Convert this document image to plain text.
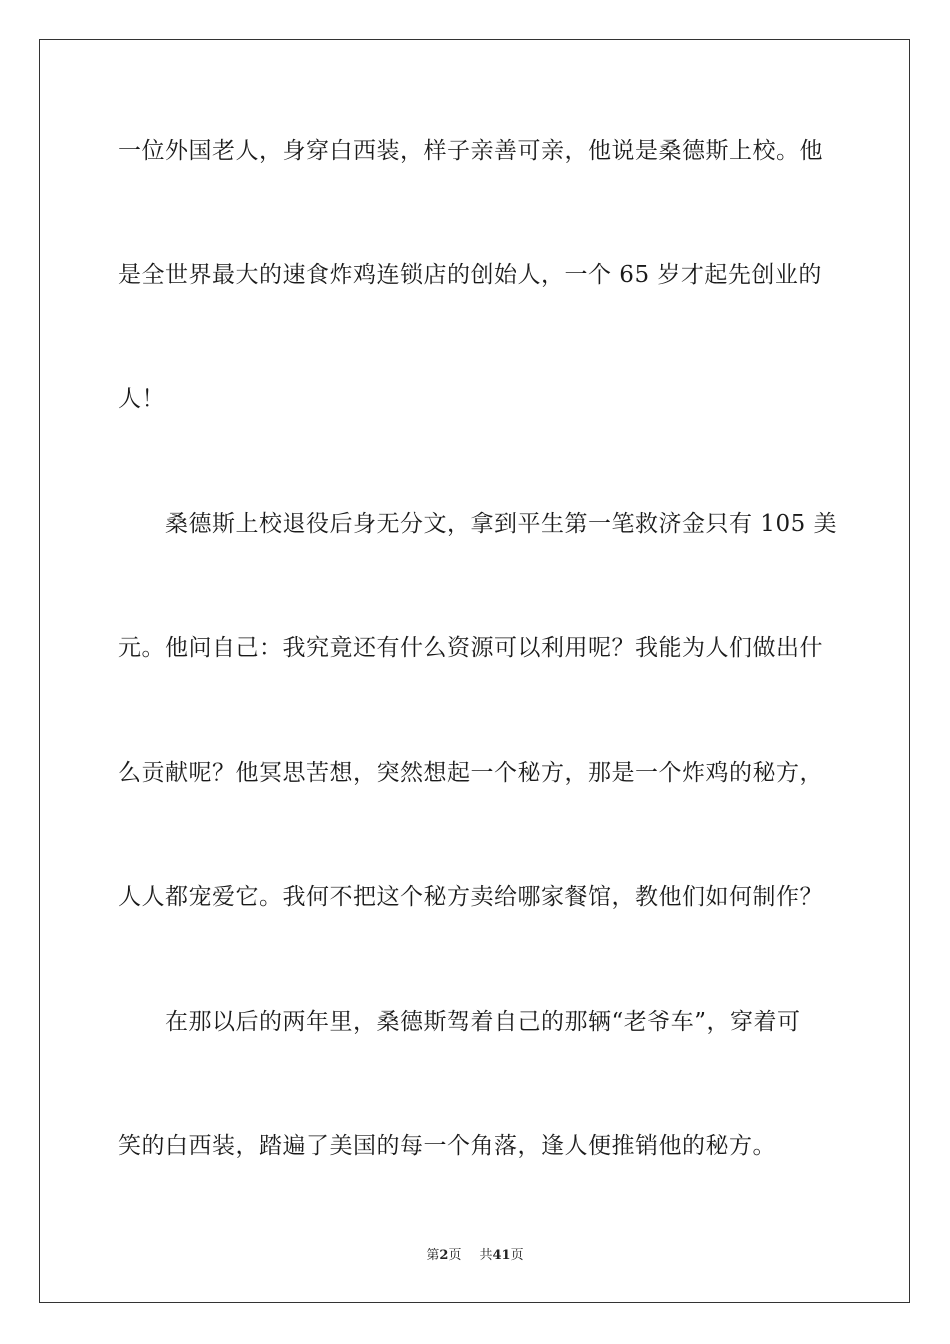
一位外国老人，身穿白西装，样子亲善可亲，他说是桑德斯上校。他
是全世界最大的速食炸鸡连锁店的创始人，一个 65 岁才起先创业的
人！
　　桑德斯上校退役后身无分文，拿到平生第一笔救济金只有 105 美
元。他问自己：我究竟还有什么资源可以利用呢？我能为人们做出什
么贡献呢？他冥思苦想，突然想起一个秘方，那是一个炸鸡的秘方，
人人都宠爱它。我何不把这个秘方卖给哪家餐馆，教他们如何制作？
　　在那以后的两年里，桑德斯驾着自己的那辆“老爷车”，穿着可
笑的白西装，踏遍了美国的每一个角落，逢人便推销他的秘方。
第2页 共41页
